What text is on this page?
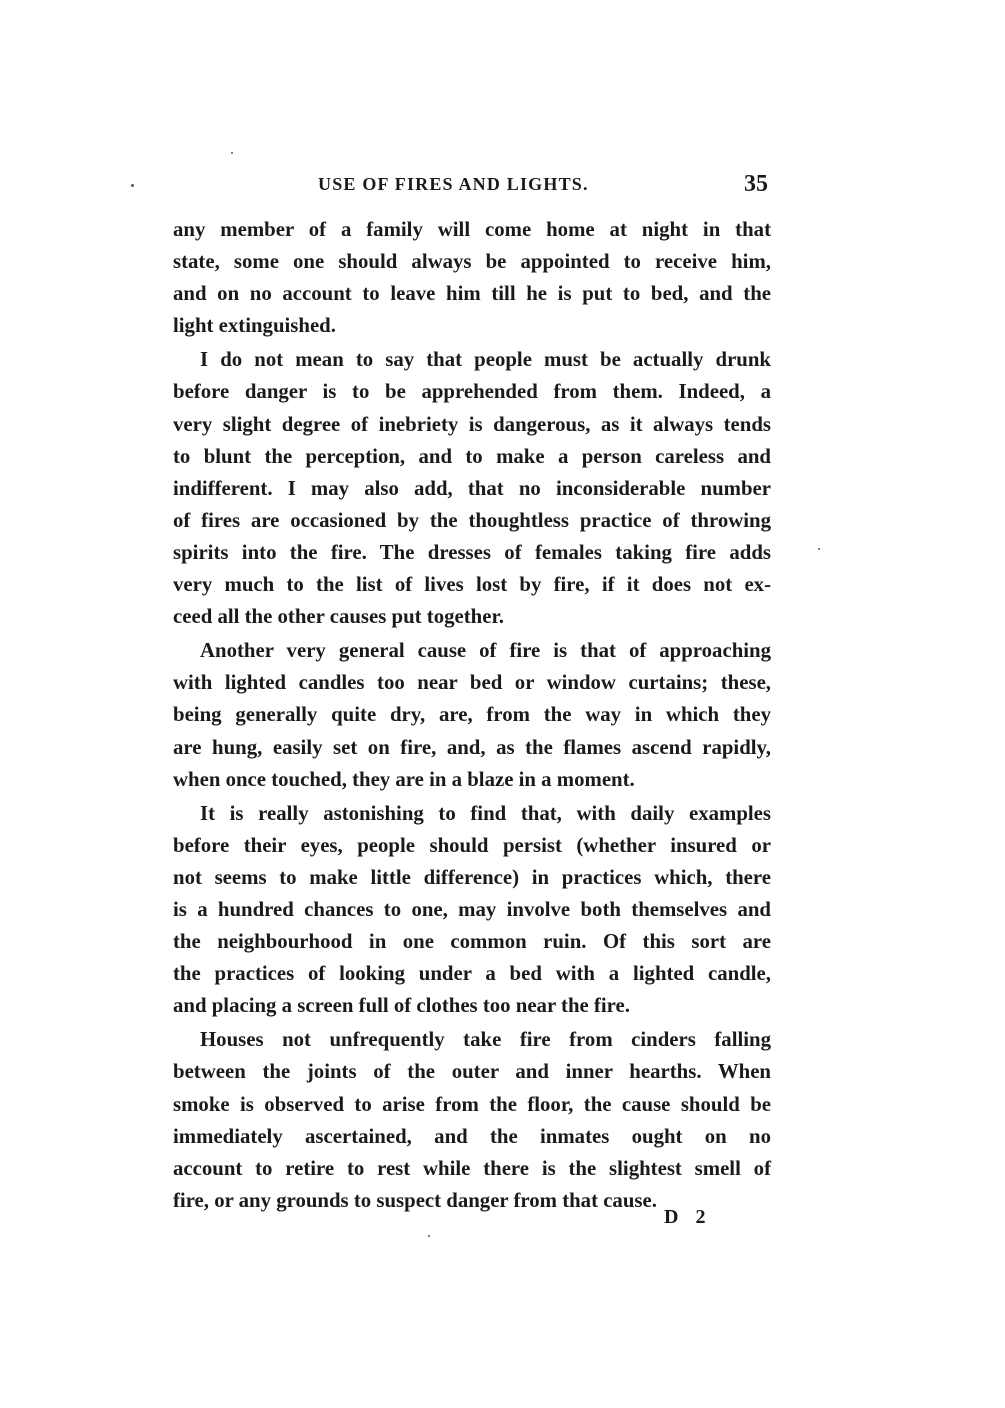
USE OF FIRES AND LIGHTS.	35
any member of a family will come home at night in that
state, some one should always be appointed to receive him,
and on no account to leave him till he is put to bed, and the
light extinguished.
I do not mean to say that people must be actually drunk
before danger is to be apprehended from them. Indeed, a
very slight degree of inebriety is dangerous, as it always tends
to blunt the perception, and to make a person careless and
indifferent. I may also add, that no inconsiderable number
of fires are occasioned by the thoughtless practice of throwing
spirits into the fire. The dresses of females taking fire adds
very much to the list of lives lost by fire, if it does not ex-
ceed all the other causes put together.
Another very general cause of fire is that of approaching
with lighted candles too near bed or window curtains; these,
being generally quite dry, are, from the way in which they
are hung, easily set on fire, and, as the flames ascend rapidly,
when once touched, they are in a blaze in a moment.
It is really astonishing to find that, with daily examples
before their eyes, people should persist (whether insured or
not seems to make little difference) in practices which, there
is a hundred chances to one, may involve both themselves and
the neighbourhood in one common ruin. Of this sort are
the practices of looking under a bed with a lighted candle,
and placing a screen full of clothes too near the fire.
Houses not unfrequently take fire from cinders falling
between the joints of the outer and inner hearths. When
smoke is observed to arise from the floor, the cause should be
immediately ascertained, and the inmates ought on no
account to retire to rest while there is the slightest smell of
fire, or any grounds to suspect danger from that cause.
D 2
